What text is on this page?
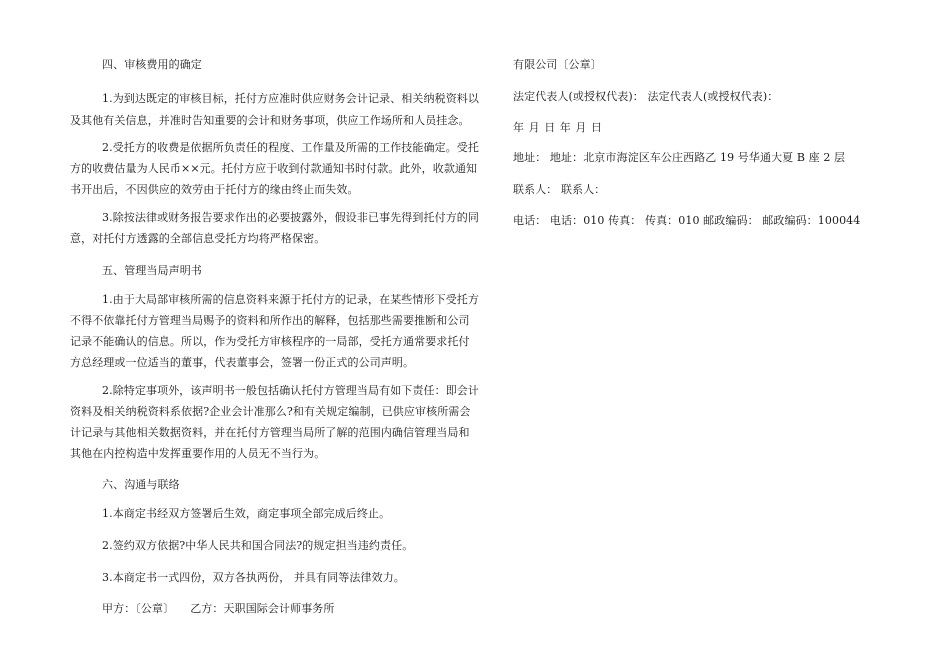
四、审核费用的确定
1.为到达既定的审核目标，托付方应准时供应财务会计记录、相关纳税资料以
及其他有关信息，并准时告知重要的会计和财务事项，供应工作场所和人员挂念。
2.受托方的收费是依据所负责任的程度、工作量及所需的工作技能确定。受托
方的收费估量为人民币××元。托付方应于收到付款通知书时付款。此外，收款通知
书开出后，不因供应的效劳由于托付方的缘由终止而失效。
3.除按法律或财务报告要求作出的必要披露外，假设非已事先得到托付方的同
意，对托付方透露的全部信息受托方均将严格保密。
五、管理当局声明书
1.由于大局部审核所需的信息资料来源于托付方的记录，在某些情形下受托方
不得不依靠托付方管理当局赐予的资料和所作出的解释，包括那些需要推断和公司
记录不能确认的信息。所以，作为受托方审核程序的一局部，受托方通常要求托付
方总经理或一位适当的董事，代表董事会，签署一份正式的公司声明。
2.除特定事项外，该声明书一般包括确认托付方管理当局有如下责任：即会计
资料及相关纳税资料系依据?企业会计准那么?和有关规定编制，已供应审核所需会
计记录与其他相关数据资料，并在托付方管理当局所了解的范围内确信管理当局和
其他在内控构造中发挥重要作用的人员无不当行为。
六、沟通与联络
1.本商定书经双方签署后生效，商定事项全部完成后终止。
2.签约双方依据?中华人民共和国合同法?的规定担当违约责任。
3.本商定书一式四份，双方各执两份， 并具有同等法律效力。
甲方：〔公章〕 乙方：天职国际会计师事务所
有限公司〔公章〕
法定代表人(或授权代表)： 法定代表人(或授权代表)：
年 月 日 年 月 日
地址： 地址：北京市海淀区车公庄西路乙 19 号华通大夏 B 座 2 层
联系人： 联系人：
电话： 电话：010 传真： 传真：010 邮政编码： 邮政编码：100044
